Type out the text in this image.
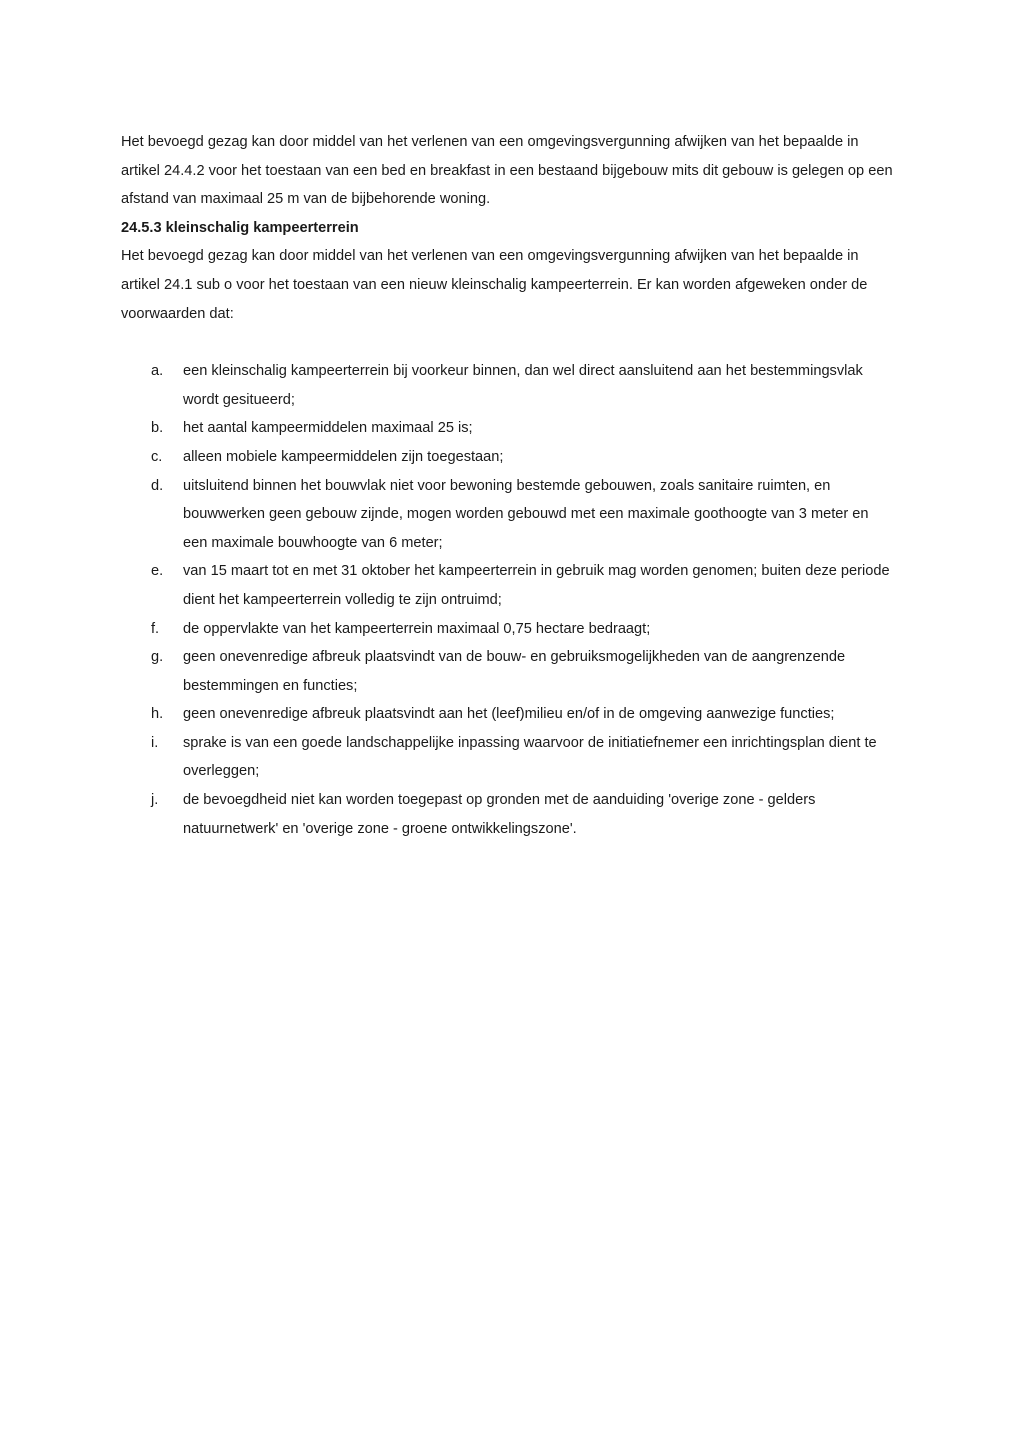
Het bevoegd gezag kan door middel van het verlenen van een omgevingsvergunning afwijken van het bepaalde in artikel 24.4.2 voor het toestaan van een bed en breakfast in een bestaand bijgebouw mits dit gebouw is gelegen op een afstand van maximaal 25 m van de bijbehorende woning.

24.5.3 kleinschalig kampeerterrein

Het bevoegd gezag kan door middel van het verlenen van een omgevingsvergunning afwijken van het bepaalde in artikel 24.1 sub o voor het toestaan van een nieuw kleinschalig kampeerterrein. Er kan worden afgeweken onder de voorwaarden dat:

a.	een kleinschalig kampeerterrein bij voorkeur binnen, dan wel direct aansluitend aan het bestemmingsvlak wordt gesitueerd;
b.	het aantal kampeermiddelen maximaal 25 is;
c.	alleen mobiele kampeermiddelen zijn toegestaan;
d.	uitsluitend binnen het bouwvlak niet voor bewoning bestemde gebouwen, zoals sanitaire ruimten, en bouwwerken geen gebouw zijnde, mogen worden gebouwd met een maximale goothoogte van 3 meter en een maximale bouwhoogte van 6 meter;
e.	van 15 maart tot en met 31 oktober het kampeerterrein in gebruik mag worden genomen; buiten deze periode dient het kampeerterrein volledig te zijn ontruimd;
f.	de oppervlakte van het kampeerterrein maximaal 0,75 hectare bedraagt;
g.	geen onevenredige afbreuk plaatsvindt van de bouw- en gebruiksmogelijkheden van de aangrenzende bestemmingen en functies;
h.	geen onevenredige afbreuk plaatsvindt aan het (leef)milieu en/of in de omgeving aanwezige functies;
i.	sprake is van een goede landschappelijke inpassing waarvoor de initiatiefnemer een inrichtingsplan dient te overleggen;
j.	de bevoegdheid niet kan worden toegepast op gronden met de aanduiding 'overige zone - gelders natuurnetwerk' en 'overige zone - groene ontwikkelingszone'.
